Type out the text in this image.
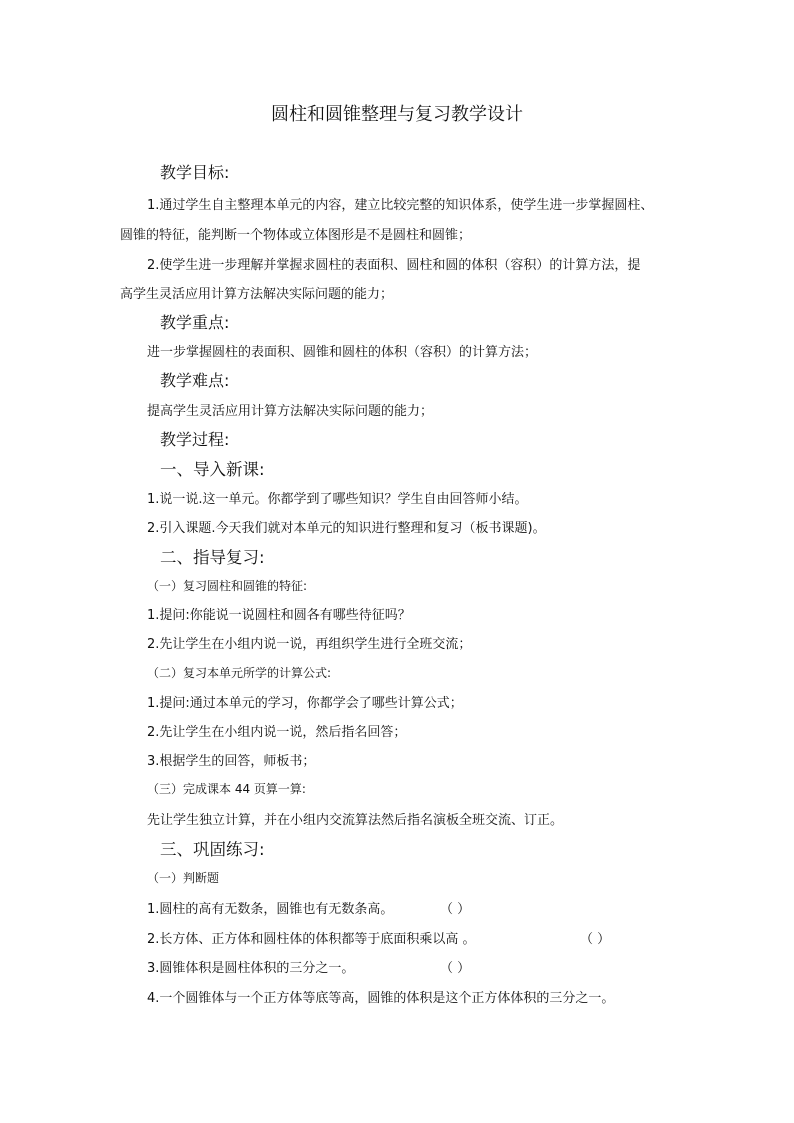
圆柱和圆锥整理与复习教学设计
教学目标:
1.通过学生自主整理本单元的内容，建立比较完整的知识体系，使学生进一步掌握圆柱、
圆锥的特征，能判断一个物体或立体图形是不是圆柱和圆锥；
2.使学生进一步理解并掌握求圆柱的表面积、圆柱和圆的体积（容积）的计算方法，提
高学生灵活应用计算方法解决实际问题的能力；
教学重点:
进一步掌握圆柱的表面积、圆锥和圆柱的体积（容积）的计算方法；
教学难点:
提高学生灵活应用计算方法解决实际问题的能力；
教学过程:
一、导入新课:
1.说一说.这一单元。你都学到了哪些知识？学生自由回答师小结。
2.引入课题.今天我们就对本单元的知识进行整理和复习（板书课题)。
二、指导复习:
（一）复习圆柱和圆锥的特征:
1.提问:你能说一说圆柱和圆各有哪些待征吗？
2.先让学生在小组内说一说，再组织学生进行全班交流；
（二）复习本单元所学的计算公式:
1.提问:通过本单元的学习，你都学会了哪些计算公式；
2.先让学生在小组内说一说，然后指名回答；
3.根据学生的回答，师板书；
（三）完成课本 44 页算一算:
先让学生独立计算，并在小组内交流算法然后指名演板全班交流、订正。
三、巩固练习:
（一）判断题
1.圆柱的高有无数条，圆锥也有无数条高。	（ ）
2.长方体、正方体和圆柱体的体积都等于底面积乘以高 。	（ ）
3.圆锥体积是圆柱体积的三分之一。	（ ）
4.一个圆锥体与一个正方体等底等高，圆锥的体积是这个正方体体积的三分之一。
